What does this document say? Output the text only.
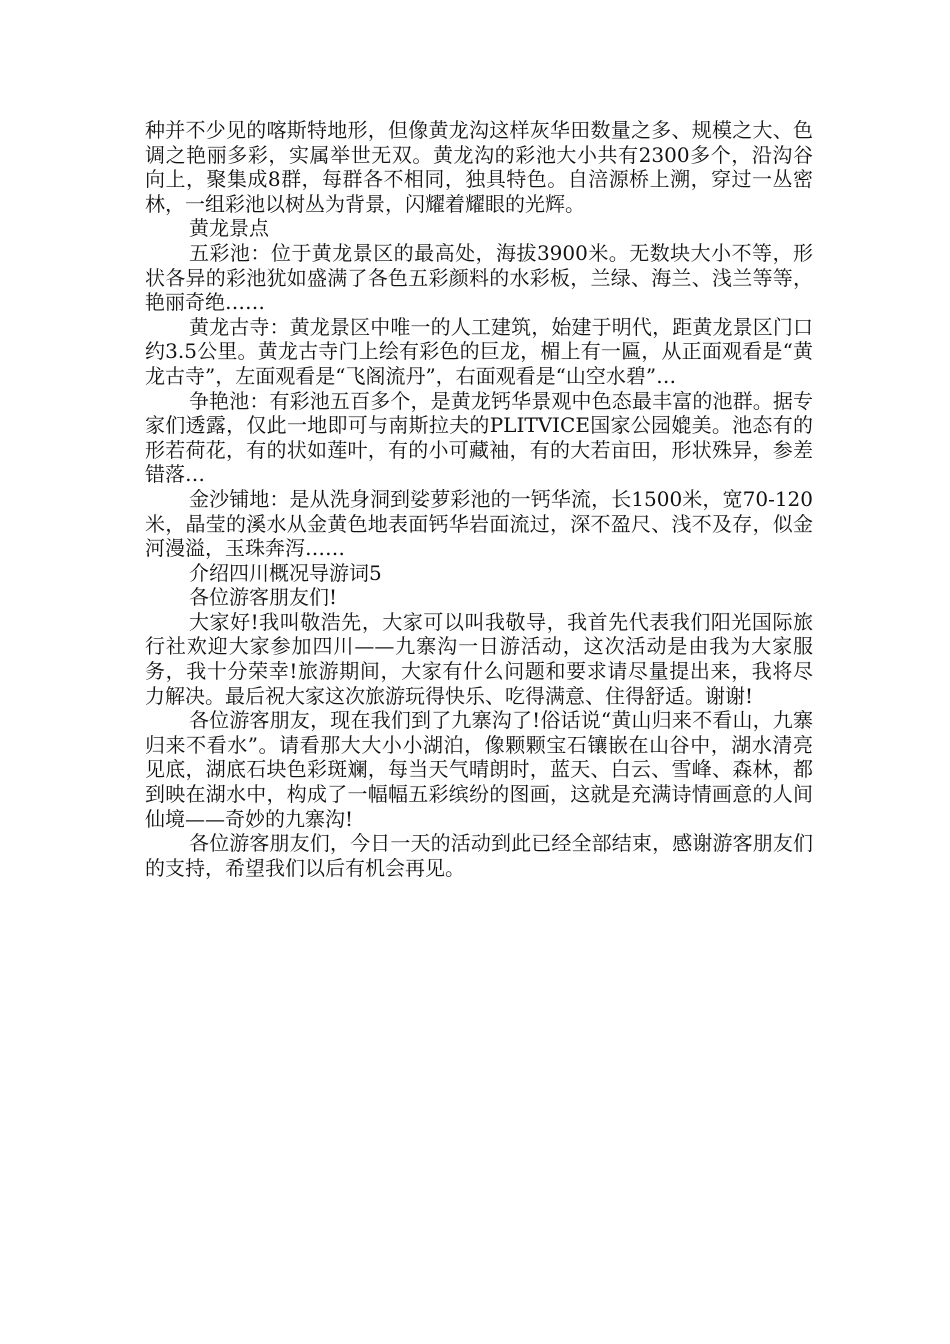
种并不少见的喀斯特地形，但像黄龙沟这样灰华田数量之多、规模之大、色调之艳丽多彩，实属举世无双。黄龙沟的彩池大小共有2300多个，沿沟谷向上，聚集成8群，每群各不相同，独具特色。自涪源桥上溯，穿过一丛密林，一组彩池以树丛为背景，闪耀着耀眼的光辉。

黄龙景点

五彩池：位于黄龙景区的最高处，海拔3900米。无数块大小不等，形状各异的彩池犹如盛满了各色五彩颜料的水彩板，兰绿、海兰、浅兰等等，艳丽奇绝……

黄龙古寺：黄龙景区中唯一的人工建筑，始建于明代，距黄龙景区门口约3.5公里。黄龙古寺门上绘有彩色的巨龙，楣上有一匾，从正面观看是“黄龙古寺”，左面观看是“飞阁流丹”，右面观看是“山空水碧”…

争艳池：有彩池五百多个，是黄龙钙华景观中色态最丰富的池群。据专家们透露，仅此一地即可与南斯拉夫的PLITVICE国家公园媲美。池态有的形若荷花，有的状如莲叶，有的小可藏袖，有的大若亩田，形状殊异，参差错落…

金沙铺地：是从洗身洞到娑萝彩池的一钙华流，长1500米，宽70-120米，晶莹的溪水从金黄色地表面钙华岩面流过，深不盈尺、浅不及存，似金河漫溢，玉珠奔泻……

介绍四川概况导游词5

各位游客朋友们!

大家好!我叫敬浩先，大家可以叫我敬导，我首先代表我们阳光国际旅行社欢迎大家参加四川——九寨沟一日游活动，这次活动是由我为大家服务，我十分荣幸!旅游期间，大家有什么问题和要求请尽量提出来，我将尽力解决。最后祝大家这次旅游玩得快乐、吃得满意、住得舒适。谢谢!

各位游客朋友，现在我们到了九寨沟了!俗话说“黄山归来不看山，九寨归来不看水”。请看那大大小小湖泊，像颗颗宝石镶嵌在山谷中，湖水清亮见底，湖底石块色彩斑斓，每当天气晴朗时，蓝天、白云、雪峰、森林，都到映在湖水中，构成了一幅幅五彩缤纷的图画，这就是充满诗情画意的人间仙境——奇妙的九寨沟!

各位游客朋友们，今日一天的活动到此已经全部结束，感谢游客朋友们的支持，希望我们以后有机会再见。
